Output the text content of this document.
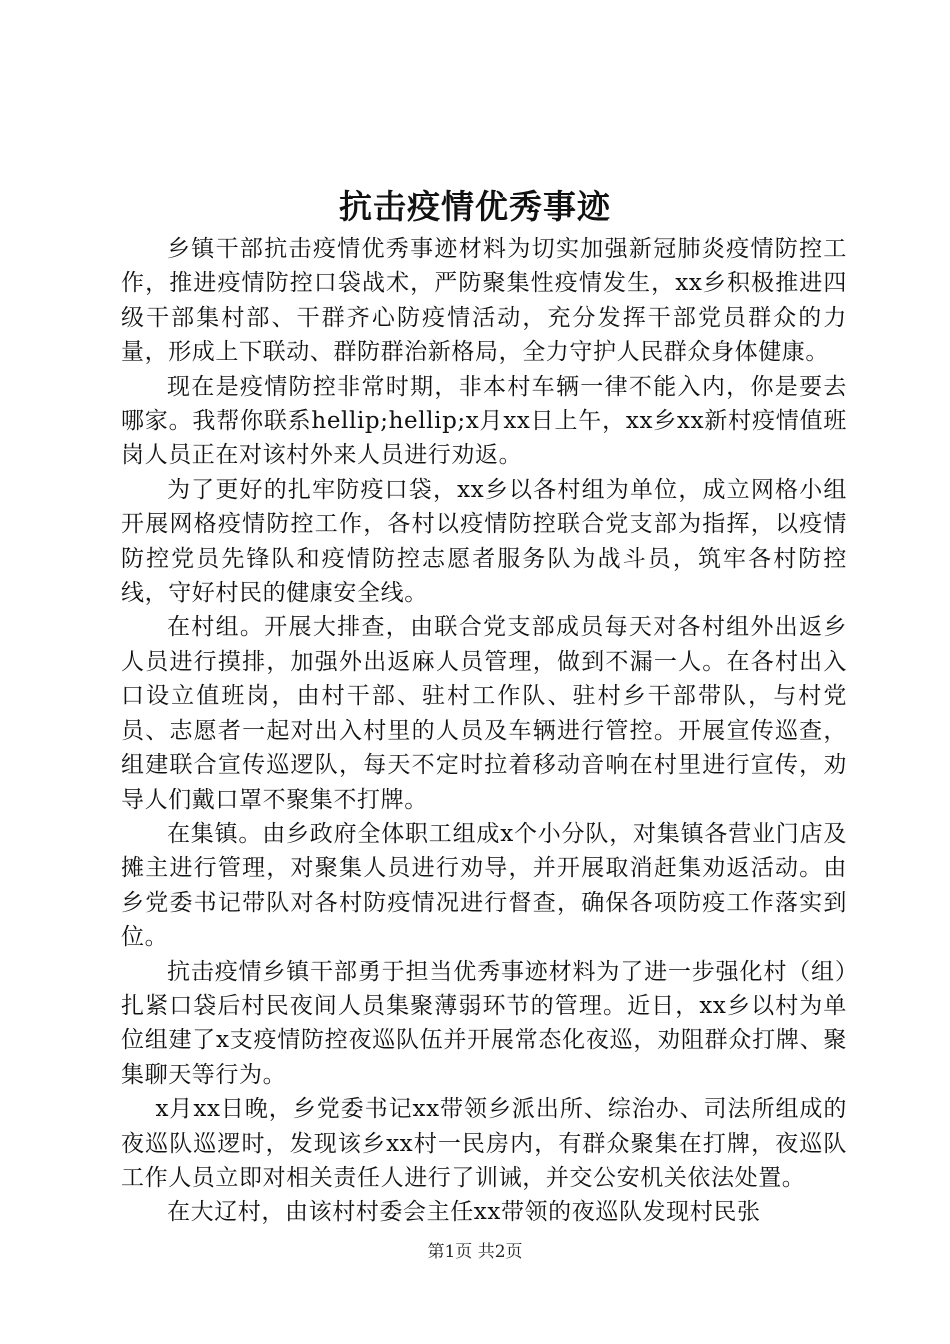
抗击疫情优秀事迹

乡镇干部抗击疫情优秀事迹材料为切实加强新冠肺炎疫情防控工作，推进疫情防控口袋战术，严防聚集性疫情发生，xx乡积极推进四级干部集村部、干群齐心防疫情活动，充分发挥干部党员群众的力量，形成上下联动、群防群治新格局，全力守护人民群众身体健康。

现在是疫情防控非常时期，非本村车辆一律不能入内，你是要去哪家。我帮你联系hellip;hellip;x月xx日上午，xx乡xx新村疫情值班岗人员正在对该村外来人员进行劝返。

为了更好的扎牢防疫口袋，xx乡以各村组为单位，成立网格小组开展网格疫情防控工作，各村以疫情防控联合党支部为指挥，以疫情防控党员先锋队和疫情防控志愿者服务队为战斗员，筑牢各村防控线，守好村民的健康安全线。

在村组。开展大排查，由联合党支部成员每天对各村组外出返乡人员进行摸排，加强外出返麻人员管理，做到不漏一人。在各村出入口设立值班岗，由村干部、驻村工作队、驻村乡干部带队，与村党员、志愿者一起对出入村里的人员及车辆进行管控。开展宣传巡查，组建联合宣传巡逻队，每天不定时拉着移动音响在村里进行宣传，劝导人们戴口罩不聚集不打牌。

在集镇。由乡政府全体职工组成x个小分队，对集镇各营业门店及摊主进行管理，对聚集人员进行劝导，并开展取消赶集劝返活动。由乡党委书记带队对各村防疫情况进行督查，确保各项防疫工作落实到位。

抗击疫情乡镇干部勇于担当优秀事迹材料为了进一步强化村（组）扎紧口袋后村民夜间人员集聚薄弱环节的管理。近日，xx乡以村为单位组建了x支疫情防控夜巡队伍并开展常态化夜巡，劝阻群众打牌、聚集聊天等行为。

x月xx日晚，乡党委书记xx带领乡派出所、综治办、司法所组成的夜巡队巡逻时，发现该乡xx村一民房内，有群众聚集在打牌，夜巡队工作人员立即对相关责任人进行了训诫，并交公安机关依法处置。

在大辽村，由该村村委会主任xx带领的夜巡队发现村民张

第1页 共2页
